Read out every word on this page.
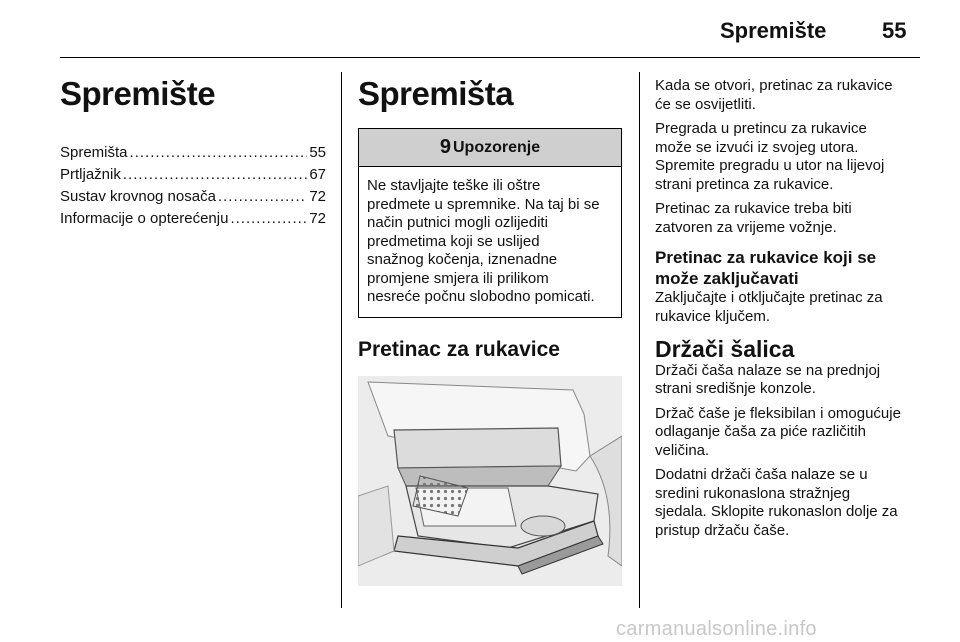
Spremište	55
Spremište
Spremišta .....	55
Prtljažnik .....	67
Sustav krovnog nosača .....	72
Informacije o opterećenju .....	72
Spremišta
9 Upozorenje
Ne stavljajte teške ili oštre
predmete u spremnike. Na taj bi se
način putnici mogli ozlijediti
predmetima koji se uslijed
snažnog kočenja, iznenadne
promjene smjera ili prilikom
nesreće počnu slobodno pomicati.
Pretinac za rukavice

Kada se otvori, pretinac za rukavice
će se osvijetliti.

Pregrada u pretincu za rukavice
može se izvući iz svojeg utora.
Spremite pregradu u utor na lijevoj
strani pretinca za rukavice.

Pretinac za rukavice treba biti
zatvoren za vrijeme vožnje.

Pretinac za rukavice koji se
može zaključavati

Zaključajte i otključajte pretinac za
rukavice ključem.

Držači šalica

Držači čaša nalaze se na prednjoj
strani središnje konzole.

Držač čaše je fleksibilan i omogućuje
odlaganje čaša za piće različitih
veličina.

Dodatni držači čaša nalaze se u
sredini rukonaslona stražnjeg
sjedala. Sklopite rukonaslon dolje za
pristup držaču čaše.

carmanualsonline.info
